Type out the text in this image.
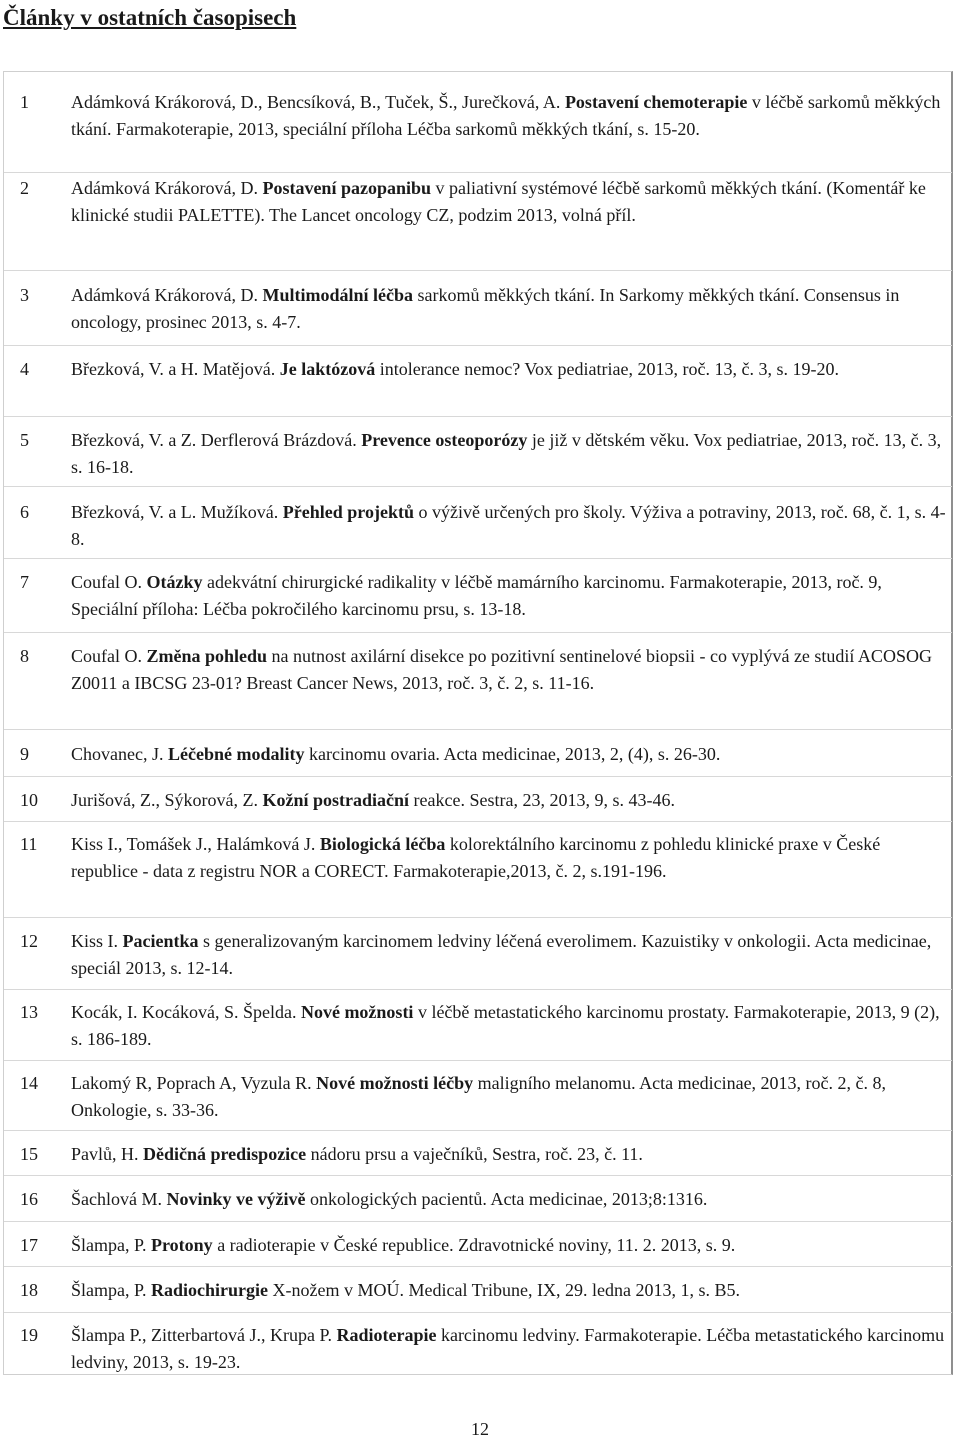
Články v ostatních časopisech
1 Adámková Krákorová, D., Bencsíková, B., Tuček, Š., Jurečková, A. Postavení chemoterapie v léčbě sarkomů měkkých tkání. Farmakoterapie, 2013, speciální příloha Léčba sarkomů měkkých tkání, s. 15-20.
2 Adámková Krákorová, D. Postavení pazopanibu v paliativní systémové léčbě sarkomů měkkých tkání. (Komentář ke klinické studii PALETTE). The Lancet oncology CZ, podzim 2013, volná příl.
3 Adámková Krákorová, D. Multimodální léčba sarkomů měkkých tkání. In Sarkomy měkkých tkání. Consensus in oncology, prosinec 2013, s. 4-7.
4 Březková, V. a H. Matějová. Je laktózová intolerance nemoc? Vox pediatriae, 2013, roč. 13, č. 3, s. 19-20.
5 Březková, V. a Z. Derflerová Brázdová. Prevence osteoporózy je již v dětském věku. Vox pediatriae, 2013, roč. 13, č. 3, s. 16-18.
6 Březková, V. a L. Mužíková. Přehled projektů o výživě určených pro školy. Výživa a potraviny, 2013, roč. 68, č. 1, s. 4-8.
7 Coufal O. Otázky adekvátní chirurgické radikality v léčbě mamárního karcinomu. Farmakoterapie, 2013, roč. 9, Speciální příloha: Léčba pokročilého karcinomu prsu, s. 13-18.
8 Coufal O. Změna pohledu na nutnost axilární disekce po pozitivní sentinelové biopsii - co vyplývá ze studií ACOSOG Z0011 a IBCSG 23-01? Breast Cancer News, 2013, roč. 3, č. 2, s. 11-16.
9 Chovanec, J. Léčebné modality karcinomu ovaria. Acta medicinae, 2013, 2, (4), s. 26-30.
10 Jurišová, Z., Sýkorová, Z. Kožní postradiační reakce. Sestra, 23, 2013, 9, s. 43-46.
11 Kiss I., Tomášek J., Halámková J. Biologická léčba kolorektálního karcinomu z pohledu klinické praxe v České republice - data z registru NOR a CORECT. Farmakoterapie,2013, č. 2, s.191-196.
12 Kiss I. Pacientka s generalizovaným karcinomem ledviny léčená everolimem. Kazuistiky v onkologii. Acta medicinae, speciál 2013, s. 12-14.
13 Kocák, I. Kocáková, S. Špelda. Nové možnosti v léčbě metastatického karcinomu prostaty. Farmakoterapie, 2013, 9 (2), s. 186-189.
14 Lakomý R, Poprach A, Vyzula R. Nové možnosti léčby maligního melanomu. Acta medicinae, 2013, roč. 2, č. 8, Onkologie, s. 33-36.
15 Pavlů, H. Dědičná predispozice nádoru prsu a vaječníků, Sestra, roč. 23, č. 11.
16 Šachlová M. Novinky ve výživě onkologických pacientů. Acta medicinae, 2013;8:1316.
17 Šlampa, P. Protony a radioterapie v České republice. Zdravotnické noviny, 11. 2. 2013, s. 9.
18 Šlampa, P. Radiochirurgie X-nožem v MOÚ. Medical Tribune, IX, 29. ledna 2013, 1, s. B5.
19 Šlampa P., Zitterbartová J., Krupa P. Radioterapie karcinomu ledviny. Farmakoterapie. Léčba metastatického karcinomu ledviny, 2013, s. 19-23.
12
